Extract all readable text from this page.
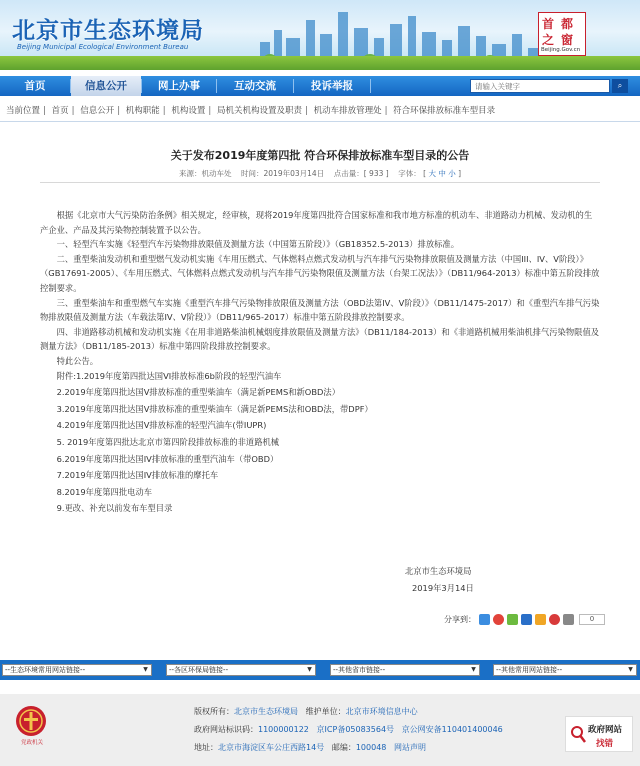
北京市生态环境局
Beijing Municipal Ecological Environment Bureau	之
首
窗
都
Beijing.Gov.cn
首页	信息公开	网上办事	互动交流	投诉举报
请输入关键字	⌕
当前位置 | 首页 | 信息公开 | 机构职能 | 机构设置 | 局机关机构设置及职责 | 机动车排放管理处 | 符合环保排放标准车型目录
关于发布2019年度第四批 符合环保排放标准车型目录的公告
来源：机动车处 时间：2019年03月14日 点击量：[ 933 ] 字体： [ 大 中 小 ]

根据《北京市大气污染防治条例》相关规定，经审核，现将2019年度第四批符合国家标准和我市地方标准的机动车、非道路动力机械、发动机的生产企业、产品及其污染物控制装置予以公告。

一、轻型汽车实施《轻型汽车污染物排放限值及测量方法（中国第五阶段）》（GB18352.5-2013）排放标准。

二、重型柴油发动机和重型燃气发动机实施《车用压燃式、气体燃料点燃式发动机与汽车排气污染物排放限值及测量方法（中国III、IV、V阶段）》（GB17691-2005）、《车用压燃式、气体燃料点燃式发动机与汽车排气污染物限值及测量方法（台架工况法）》（DB11/964-2013）标准中第五阶段排放控制要求。

三、重型柴油车和重型燃气车实施《重型汽车排气污染物排放限值及测量方法（OBD法第IV、V阶段）》（DB11/1475-2017）和《重型汽车排气污染物排放限值及测量方法（车载法第IV、V阶段）》（DB11/965-2017）标准中第五阶段排放控制要求。

四、非道路移动机械和发动机实施《在用非道路柴油机械烟度排放限值及测量方法》（DB11/184-2013）和《非道路机械用柴油机排气污染物限值及测量方法》（DB11/185-2013）标准中第四阶段排放控制要求。

特此公告。

附件:1.2019年度第四批达国VI排放标准6b阶段的轻型汽油车

2.2019年度第四批达国Ⅴ排放标准的重型柴油车（满足新PEMS和新OBD法）

3.2019年度第四批达国Ⅴ排放标准的重型柴油车（满足新PEMS法和OBD法，带DPF）

4.2019年度第四批达国Ⅴ排放标准的轻型汽油车(带IUPR)

5. 2019年度第四批达北京市第四阶段排放标准的非道路机械

6.2019年度第四批达国IV排放标准的重型汽油车（带OBD）

7.2019年度第四批达国IV排放标准的摩托车

8.2019年度第四批电动车

9.更改、补充以前发布车型目录

北京市生态环境局
2019年3月14日
分享到：	0
--生态环境常用网站链接--	▼	--各区环保局链接--	▼	--其他省市链接--	▼	--其他常用网站链接--	▼
党政机关
版权所有：北京市生态环境局 维护单位：北京市环境信息中心
政府网站标识码：1100000122 京ICP备05083564号 京公网安备110401400046
地址：北京市海淀区车公庄西路14号 邮编：100048 网站声明
政府网站
找错
